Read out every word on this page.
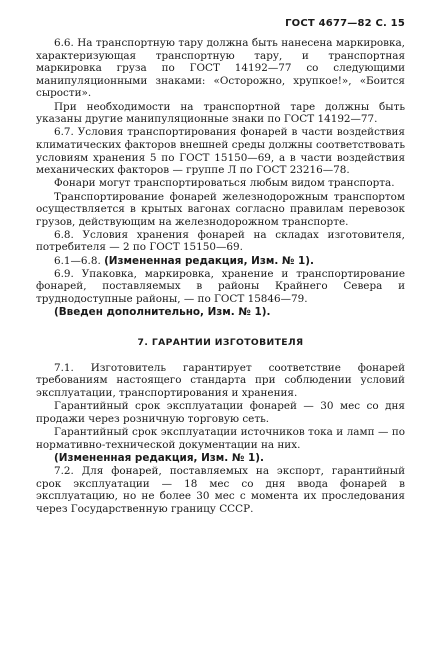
ГОСТ 4677—82 С. 15

6.6. На транспортную тару должна быть нанесена маркировка, характеризующая транспортную тару, и транспортная маркировка груза по ГОСТ 14192—77 со следующими манипуляционными знаками: «Осторожно, хрупкое!», «Боится сырости».

При необходимости на транспортной таре должны быть указаны другие манипуляционные знаки по ГОСТ 14192—77.

6.7. Условия транспортирования фонарей в части воздействия климатических факторов внешней среды должны соответствовать условиям хранения 5 по ГОСТ 15150—69, а в части воздействия механических факторов — группе Л по ГОСТ 23216—78.

Фонари могут транспортироваться любым видом транспорта.

Транспортирование фонарей железнодорожным транспортом осуществляется в крытых вагонах согласно правилам перевозок грузов, действующим на железнодорожном транспорте.

6.8. Условия хранения фонарей на складах изготовителя, потребителя — 2 по ГОСТ 15150—69.

6.1—6.8. (Измененная редакция, Изм. № 1).

6.9. Упаковка, маркировка, хранение и транспортирование фонарей, поставляемых в районы Крайнего Севера и труднодоступные районы, — по ГОСТ 15846—79.

(Введен дополнительно, Изм. № 1).

7. ГАРАНТИИ ИЗГОТОВИТЕЛЯ

7.1. Изготовитель гарантирует соответствие фонарей требованиям настоящего стандарта при соблюдении условий эксплуатации, транспортирования и хранения.

Гарантийный срок эксплуатации фонарей — 30 мес со дня продажи через розничную торговую сеть.

Гарантийный срок эксплуатации источников тока и ламп — по нормативно-технической документации на них.

(Измененная редакция, Изм. № 1).

7.2. Для фонарей, поставляемых на экспорт, гарантийный срок эксплуатации — 18 мес со дня ввода фонарей в эксплуатацию, но не более 30 мес с момента их проследования через Государственную границу СССР.
